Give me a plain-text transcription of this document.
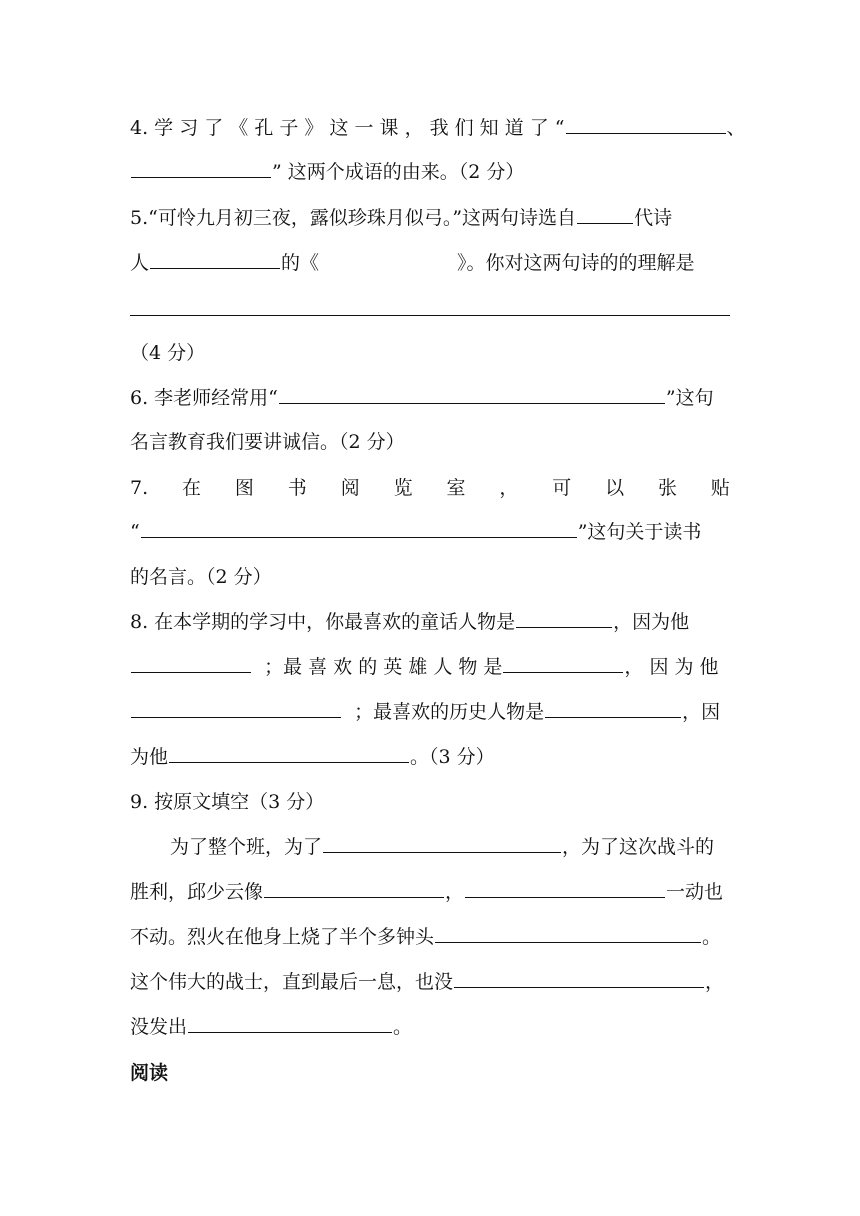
4. 学 习 了 《 孔 子 》 这 一 课 ， 我 们 知 道 了 “	、
” 这两个成语的由来。（2 分）
5.“可怜九月初三夜，露似珍珠月似弓。”这两句诗选自	代诗
人	的《	》。你对这两句诗的的理解是
（4 分）
6. 李老师经常用“	”这句
名言教育我们要讲诚信。（2 分）
7. 在 图 书 阅 览 室 ， 可 以 张 贴
“	”这句关于读书
的名言。（2 分）
8. 在本学期的学习中，你最喜欢的童话人物是	，因为他
；最 喜 欢 的 英 雄 人 物 是	， 因 为 他
；最喜欢的历史人物是	，因
为他	。（3 分）
9. 按原文填空（3 分）
为了整个班，为了	，为了这次战斗的
胜利，邱少云像	，	一动也
不动。烈火在他身上烧了半个多钟头	。
这个伟大的战士，直到最后一息，也没	，
没发出	。
阅读
